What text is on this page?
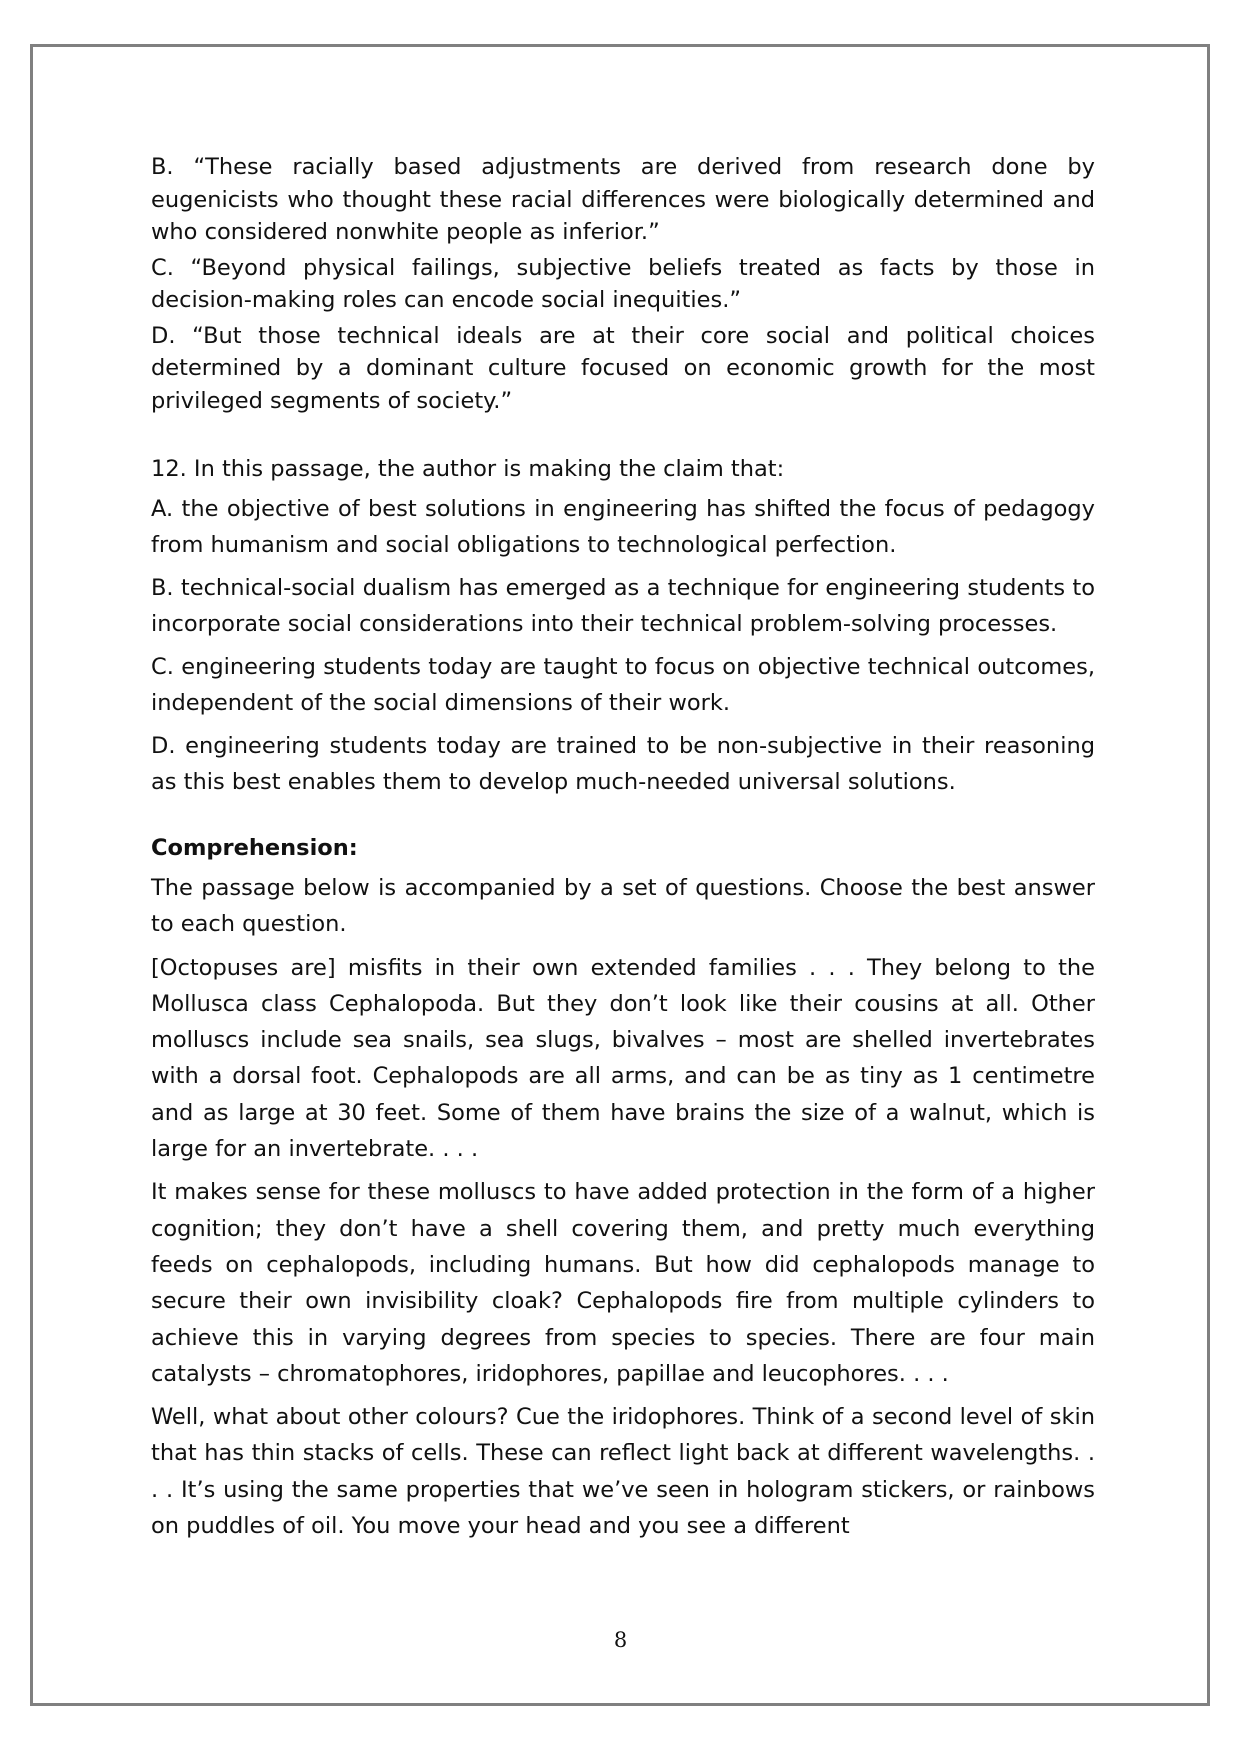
B. “These racially based adjustments are derived from research done by eugenicists who thought these racial differences were biologically determined and who considered nonwhite people as inferior.”

C. “Beyond physical failings, subjective beliefs treated as facts by those in decision-making roles can encode social inequities.”

D. “But those technical ideals are at their core social and political choices determined by a dominant culture focused on economic growth for the most privileged segments of society.”

12. In this passage, the author is making the claim that:

A. the objective of best solutions in engineering has shifted the focus of pedagogy from humanism and social obligations to technological perfection.

B. technical-social dualism has emerged as a technique for engineering students to incorporate social considerations into their technical problem-solving processes.

C. engineering students today are taught to focus on objective technical outcomes, independent of the social dimensions of their work.

D. engineering students today are trained to be non-subjective in their reasoning as this best enables them to develop much-needed universal solutions.

Comprehension:

The passage below is accompanied by a set of questions. Choose the best answer to each question.

[Octopuses are] misfits in their own extended families . . . They belong to the Mollusca class Cephalopoda. But they don’t look like their cousins at all. Other molluscs include sea snails, sea slugs, bivalves – most are shelled invertebrates with a dorsal foot. Cephalopods are all arms, and can be as tiny as 1 centimetre and as large at 30 feet. Some of them have brains the size of a walnut, which is large for an invertebrate. . . .

It makes sense for these molluscs to have added protection in the form of a higher cognition; they don’t have a shell covering them, and pretty much everything feeds on cephalopods, including humans. But how did cephalopods manage to secure their own invisibility cloak? Cephalopods fire from multiple cylinders to achieve this in varying degrees from species to species. There are four main catalysts – chromatophores, iridophores, papillae and leucophores. . . .

Well, what about other colours? Cue the iridophores. Think of a second level of skin that has thin stacks of cells. These can reflect light back at different wavelengths. . . . It’s using the same properties that we’ve seen in hologram stickers, or rainbows on puddles of oil. You move your head and you see a different

8
